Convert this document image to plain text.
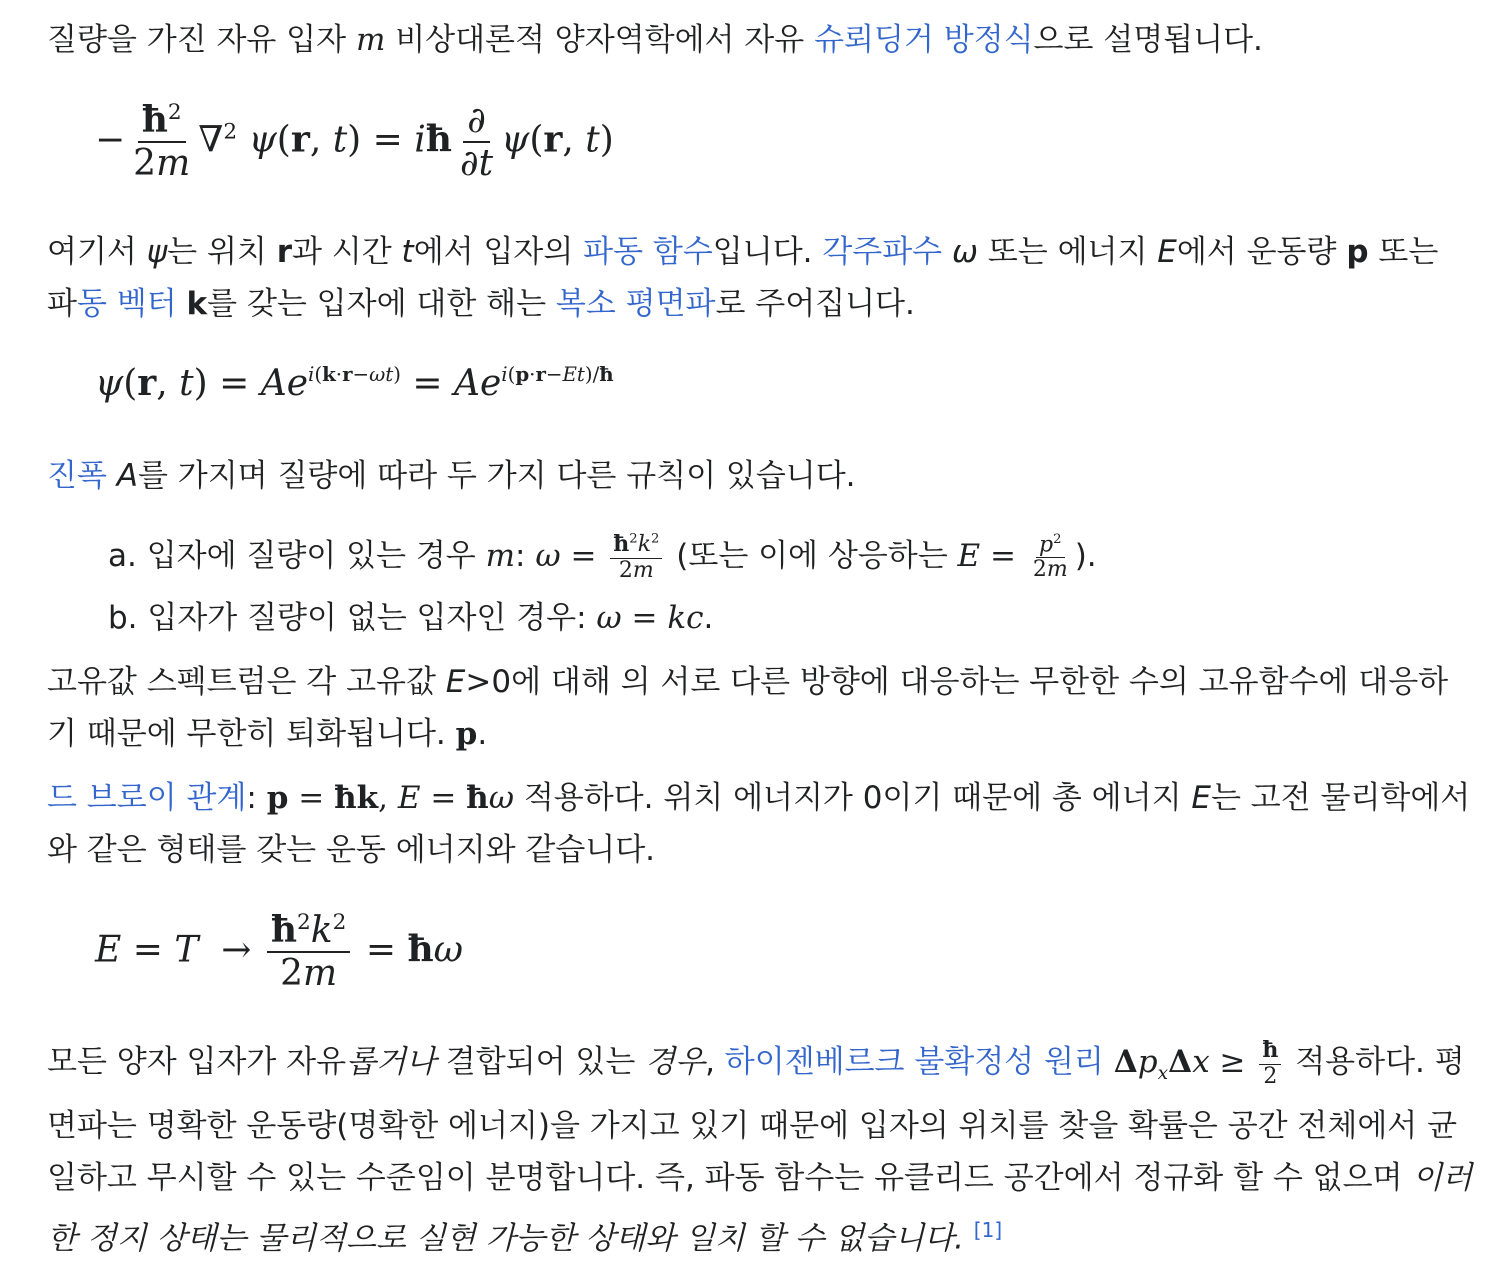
질량을 가진 자유 입자 m 비상대론적 양자역학에서 자유 슈뢰딩거 방정식으로 설명됩니다.

− $\frac{ħ^2}{2m} \nabla^2$ ψ(r, t) = iħ $\frac{\partial}{\partial t} \psi(r$, t)

여기서 ψ는 위치 r과 시간 t에서 입자의 파동 함수입니다. 각주파수 ω 또는 에너지 E에서 운동량 p 또는 파동 벡터 k를 갖는 입자에 대한 해는 복소 평면파로 주어집니다.

ψ(r, $t) = Ae^{i(k\cdot r-\omega t)} = Ae^{i(p\cdot r-Et)/ħ}$

진폭 A를 가지며 질량에 따라 두 가지 다른 규칙이 있습니다.

a. 입자에 질량이 있는 경우 m: $\omega = \frac{ħ^2k^2}{2m}$ (또는 이에 상응하는 $E = \frac{p^2}{2m}$ ).
b. 입자가 질량이 없는 입자인 경우: ω = kc.

고유값 스펙트럼은 각 고유값 E>0에 대해 의 서로 다른 방향에 대응하는 무한한 수의 고유함수에 대응하기 때문에 무한히 퇴화됩니다. p.

드 브로이 관계: p = ħk, E = ħω 적용하다. 위치 에너지가 0이기 때문에 총 에너지 E는 고전 물리학에서와 같은 형태를 갖는 운동 에너지와 같습니다.

$E = T \to \frac{ħ^2k^2}{2m}$ = ħω

모든 양자 입자가 자유롭거나 결합되어 있는 경우, 하이젠베르크 불확정성 원리 $\Delta p_x\Delta x \ge \frac{ħ}{2}$ 적용하다. 평면파는 명확한 운동량(명확한 에너지)을 가지고 있기 때문에 입자의 위치를 찾을 확률은 공간 전체에서 균일하고 무시할 수 있는 수준임이 분명합니다. 즉, 파동 함수는 유클리드 공간에서 정규화 할 수 없으며 이러한 정지 상태는 물리적으로 실현 가능한 상태와 일치 할 수 없습니다. [1]
